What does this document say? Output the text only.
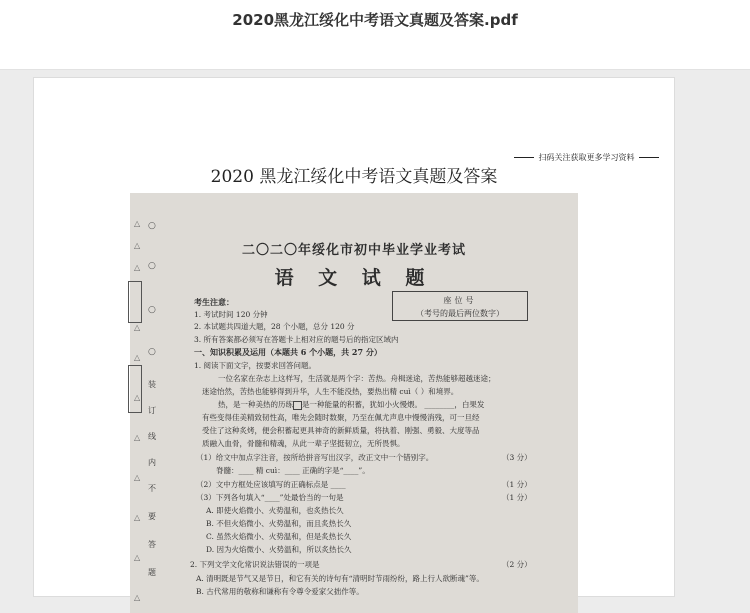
2020黑龙江绥化中考语文真题及答案.pdf
扫码关注获取更多学习资料
2020 黑龙江绥化中考语文真题及答案
△
△
△
△
△
△
△
△
△
△
△
○
○
○
○
装
订
线
内
不
要
答
题
二〇二〇年绥化市初中毕业学业考试
语 文 试 题
座位号
（考号的最后两位数字）
考生注意：
1. 考试时间 120 分钟
2. 本试题共四道大题，28 个小题，总分 120 分
3. 所有答案都必须写在答题卡上相对应的题号后的指定区域内
一、知识积累及运用（本题共 6 个小题，共 27 分）
1. 阅读下面文字，按要求回答问题。
一位名家在杂志上这样写，生活就是两个字：苦热。舟楫迷途，苦热能够超越迷途；
迷途怡然，苦热也能够得到升华，人生不能没热，要热出精 cuì（ ）和境界。
热，是一种美热的历练 是一种能量的积蓄，犹如小火慢煨。 ________，白果发
有些变得佳美精致韧性高，唯先会随时数聚，乃至在佩尤声息中慢慢消残，可一旦经
受住了这种炙烤，便会积蓄起更具神奇的新鲜质量，将执着、刚强、勇毅、大度等品
质融入血骨，骨髓和精魂，从此一辈子坚挺韧立，无所畏惧。
（1）给文中加点字注音，按所给拼音写出汉字，改正文中一个错别字。	（3 分）
脊髓：____ 精 cuì：____ 正确的字是“____”。
（2）文中方框处应该填写的正确标点是 ____	（1 分）
（3）下列各句填入“____”处最恰当的一句是	（1 分）
A. 即使火焰微小、火势温和，也炙热长久
B. 不但火焰微小、火势温和，而且炙热长久
C. 虽然火焰微小、火势温和，但是炙热长久
D. 因为火焰微小、火势温和，所以炙热长久
2. 下列文学文化常识说法错误的一项是	（2 分）
A. 清明既是节气又是节日，和它有关的诗句有“清明时节雨纷纷，路上行人欲断魂”等。
B. 古代常用的敬称和谦称有令尊令爱家父拙作等。
